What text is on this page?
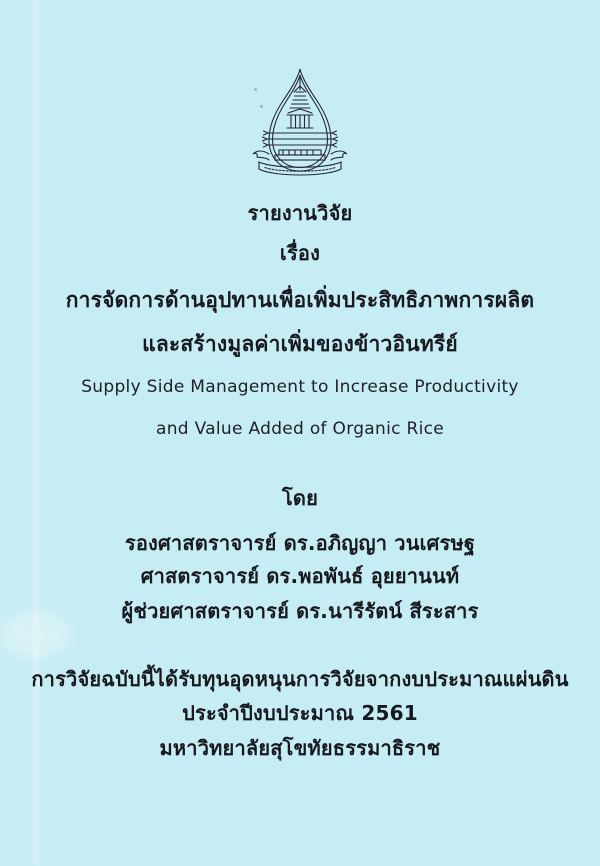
รายงานวิจัย
เรื่อง
การจัดการด้านอุปทานเพื่อเพิ่มประสิทธิภาพการผลิต
และสร้างมูลค่าเพิ่มของข้าวอินทรีย์
Supply Side Management to Increase Productivity
and Value Added of Organic Rice
โดย
รองศาสตราจารย์ ดร.อภิญญา วนเศรษฐ
ศาสตราจารย์ ดร.พอพันธ์ อุยยานนท์
ผู้ช่วยศาสตราจารย์ ดร.นารีรัตน์ สีระสาร
การวิจัยฉบับนี้ได้รับทุนอุดหนุนการวิจัยจากงบประมาณแผ่นดิน
ประจำปีงบประมาณ 2561
มหาวิทยาลัยสุโขทัยธรรมาธิราช
